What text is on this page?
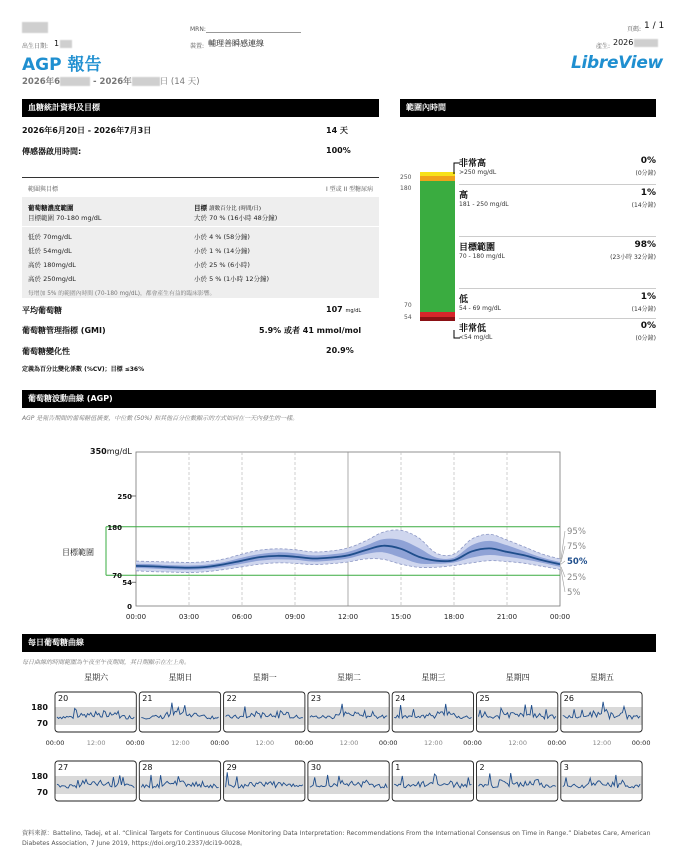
MRN:	頁碼: 1 / 1
出生日期: 1	裝置: 輔理善瞬感連線	產生: 2026
AGP 報告
2026年6	- 2026年	日 (14 天)
LibreView
血糖統計資料及目標
2026年6月20日 - 2026年7月3日	14 天
傳感器啟用時間:	100%
範圍與目標	I 型或 II 型糖尿病
葡萄糖濃度範圍
目標範圍 70-180 mg/dL
目標 讀數百分比 (時間/日)
大於 70 % (16小時 48分鐘)
低於 70mg/dL	小於 4 % (58分鐘)
低於 54mg/dL	小於 1 % (14分鐘)
高於 180mg/dL	小於 25 % (6小時)
高於 250mg/dL	小於 5 % (1小時 12分鐘)
每增加 5% 的範圍內時間 (70-180 mg/dL)，都會產生有益的臨床影響。
平均葡萄糖	107 mg/dL
葡萄糖管理指標 (GMI)	5.9% 或者 41 mmol/mol
葡萄糖變化性	20.9%
定義為百分比變化係數 (%CV)；目標 ≤36%
範圍內時間
250
180
70
54
非常高
>250 mg/dL
0%
(0分鐘)
高
181 - 250 mg/dL
1%
(14分鐘)
目標範圍
70 - 180 mg/dL
98%
(23小時 32分鐘)
低
54 - 69 mg/dL
1%
(14分鐘)
非常低
<54 mg/dL
0%
(0分鐘)
葡萄糖波動曲線 (AGP)
AGP 是報告期間的葡萄糖值摘要，中位數 (50%) 和其他百分位數顯示的方式如同在一天內發生的一樣。
350mg/dL
目標範圍
250
180
70
54
0
00:00	03:00	06:00	09:00	12:00	15:00	18:00	21:00	00:00
95%
75%
50%
25%
5%
每日葡萄糖曲線
每日曲線的時間範圍為午夜至午夜期間，其日期顯示在左上角。
星期六	星期日	星期一	星期二	星期三	星期四	星期五
180
70
20	21	22	23	24	25	26
00:00	12:00	00:00	12:00	00:00	12:00	00:00	12:00	00:00	12:00	00:00	12:00	00:00	12:00	00:00
180
70
27	28	29	30	1	2	3
資料來源：Battelino, Tadej, et al. “Clinical Targets for Continuous Glucose Monitoring Data Interpretation: Recommendations From the International Consensus on Time in Range.” Diabetes Care, American Diabetes Association, 7 June 2019, https://doi.org/10.2337/dci19-0028。
